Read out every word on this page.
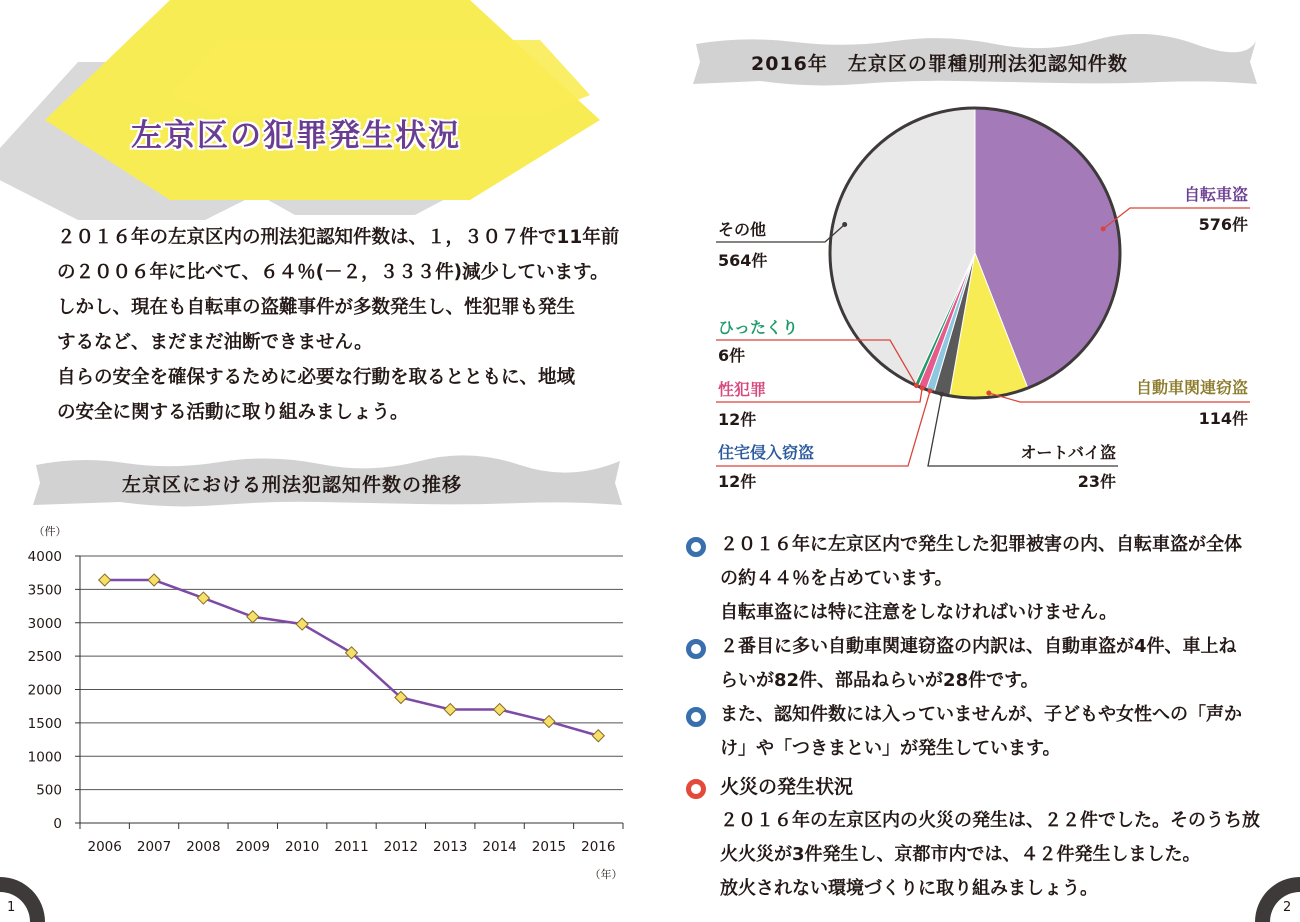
左京区の犯罪発生状況
２０１６年の左京区内の刑法犯認知件数は、１，３０７件で11年前
の２００６年に比べて、６４％(－２，３３３件)減少しています。
しかし、現在も自転車の盗難事件が多数発生し、性犯罪も発生
するなど、まだまだ油断できません。
自らの安全を確保するために必要な行動を取るとともに、地域
の安全に関する活動に取り組みましょう。
左京区における刑法犯認知件数の推移
（件）
0
500
1000
1500
2000
2500
3000
3500
4000
2006 2007 2008 2009 2010 2011 2012 2013 2014 2015 2016
（年）
2016年　左京区の罪種別刑法犯認知件数
自転車盗
576件
自動車関連窃盗
114件
オートバイ盗
23件
住宅侵入窃盗
12件
性犯罪
12件
ひったくり
6件
その他
564件
２０１６年に左京区内で発生した犯罪被害の内、自転車盗が全体
の約４４％を占めています。
自転車盗には特に注意をしなければいけません。
２番目に多い自動車関連窃盗の内訳は、自動車盗が4件、車上ね
らいが82件、部品ねらいが28件です。
また、認知件数には入っていませんが、子どもや女性への「声か
け」や「つきまとい」が発生しています。
火災の発生状況
２０１６年の左京区内の火災の発生は、２２件でした。そのうち放
火火災が3件発生し、京都市内では、４２件発生しました。
放火されない環境づくりに取り組みましょう。
1	2
